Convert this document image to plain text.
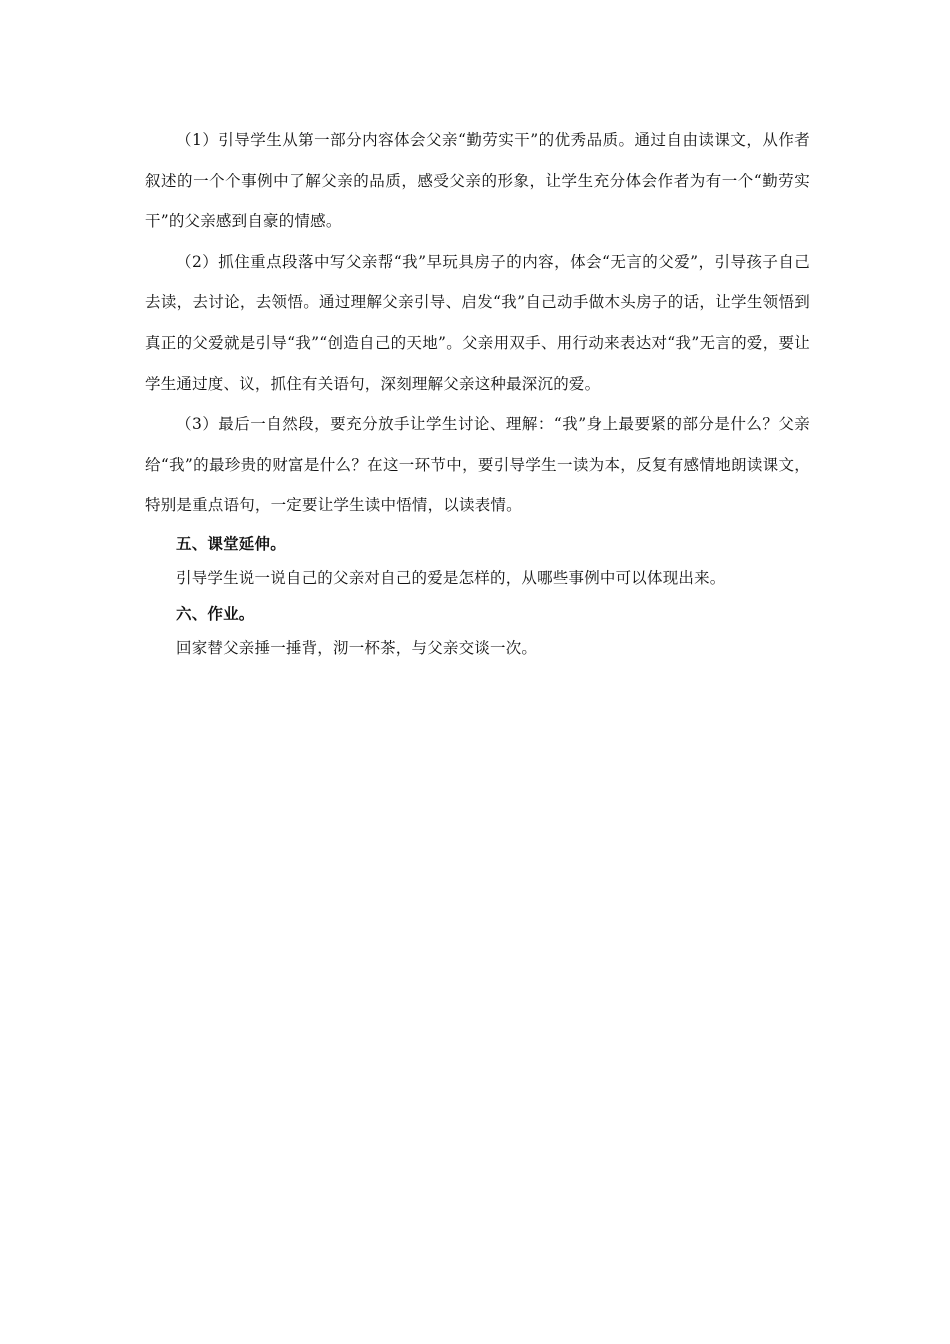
（1）引导学生从第一部分内容体会父亲“勤劳实干”的优秀品质。通过自由读课文，从作者叙述的一个个事例中了解父亲的品质，感受父亲的形象，让学生充分体会作者为有一个“勤劳实干”的父亲感到自豪的情感。

（2）抓住重点段落中写父亲帮“我”早玩具房子的内容，体会“无言的父爱”，引导孩子自己去读，去讨论，去领悟。通过理解父亲引导、启发“我”自己动手做木头房子的话，让学生领悟到真正的父爱就是引导“我”“创造自己的天地”。父亲用双手、用行动来表达对“我”无言的爱，要让学生通过度、议，抓住有关语句，深刻理解父亲这种最深沉的爱。

（3）最后一自然段，要充分放手让学生讨论、理解：“我”身上最要紧的部分是什么？父亲给“我”的最珍贵的财富是什么？在这一环节中，要引导学生一读为本，反复有感情地朗读课文，特别是重点语句，一定要让学生读中悟情，以读表情。

五、课堂延伸。

引导学生说一说自己的父亲对自己的爱是怎样的，从哪些事例中可以体现出来。

六、作业。

回家替父亲捶一捶背，沏一杯茶，与父亲交谈一次。
